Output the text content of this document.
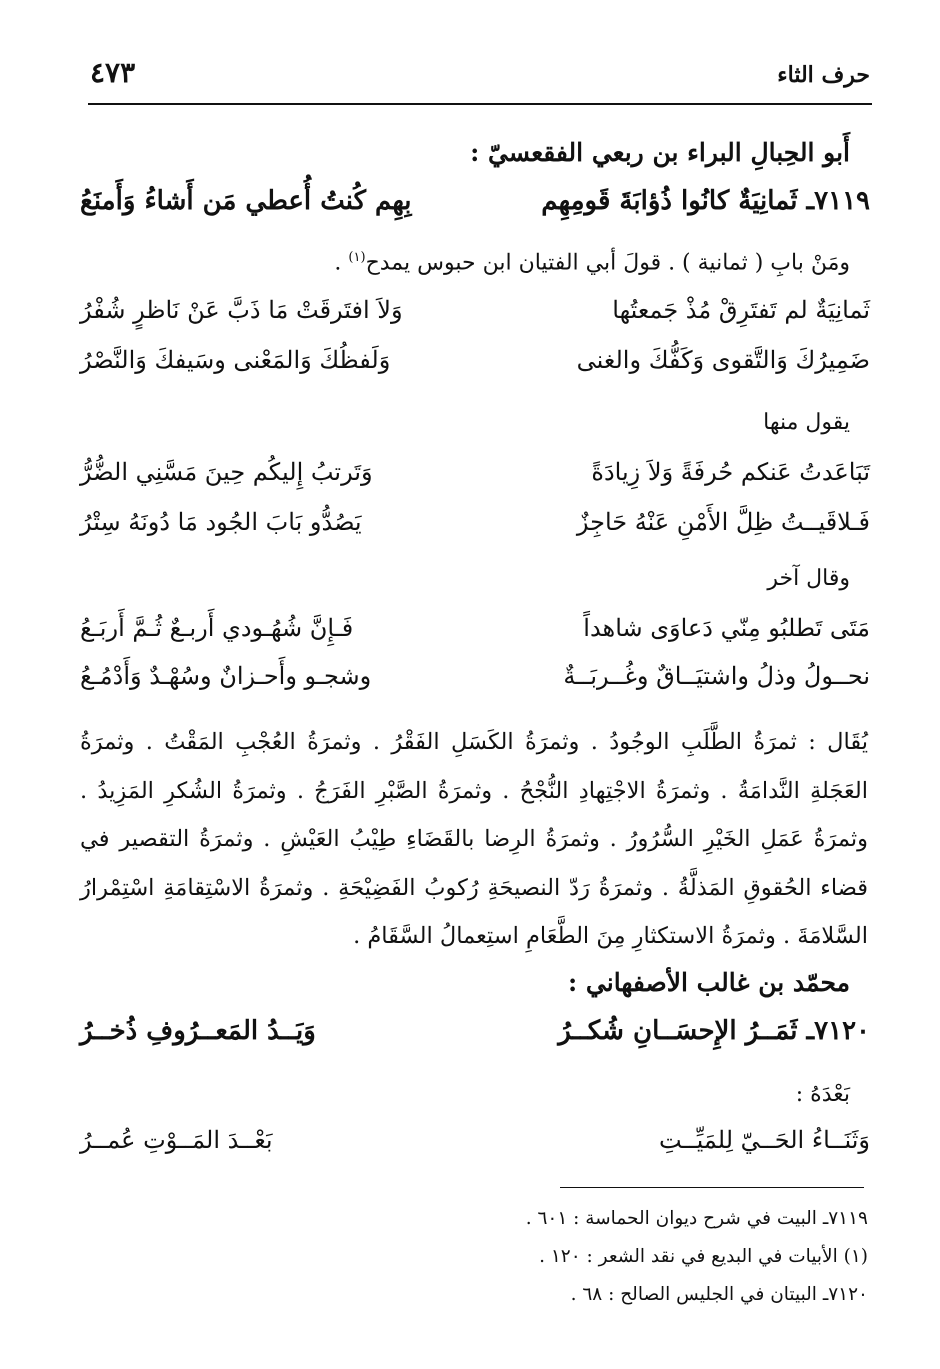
حرف الثاء
٤٧٣
أَبو الحِبالِ البراء بن ربعي الفقعسيّ :
٧١١٩ـ ثَمانِيَةٌ كانُوا ذُؤابَةَ قَومِهِم
بِهِم كُنتُ أُعطي مَن أَشاءُ وَأَمنَعُ
ومَنْ بابِ ( ثمانية ) . قولَ أبي الفتيان ابن حبوس يمدح$^{(١)}$ .
ثَمانِيَةٌ لم تَفتَرِقْ مُذْ جَمعتُها
وَلاَ افتَرقَتْ مَا ذَبَّ عَنْ نَاظرٍ شُفْرُ
ضَمِيرُكَ وَالتَّقوى وَكَفُّكَ والغنى
وَلَفظُكَ وَالمَعْنى وسَيفكَ وَالنَّصْرُ
يقول منها
تَبَاعَدتُ عَنكم حُرفَةً وَلاَ زِيادَةً
وَتَرتبُ إِليكُم حِينَ مَسَّنِي الضُّرُّ
فَـلاقَيــتُ ظِلَّ الأَمْنِ عَنْهُ حَاجِزٌ
يَصُدُّو بَابَ الجُود مَا دُونَهُ سِتْرُ
وقال آخر
مَتَى تَطلبُو مِنّي دَعاوَى شاهداً
فَـإِنَّ شُهُـودي أَربـعٌ ثُـمَّ أَربَـعُ
نحــولُ وذلُ واشتيَــاقٌ وغُــربَــةٌ
وشجـو وأَحـزانٌ وسُهْـدٌ وَأَدْمُـعُ
يُقَال : ثمرَةُ الطَّلَبِ الوجُودُ . وثمرَةُ الكَسَلِ الفَقْرُ . وثمرَةُ العُجْبِ المَقْتُ . وثمرَةُ العَجَلةِ النَّدامَةُ . وثمرَةُ الاجْتِهادِ النُّجْحُ . وثمرَةُ الصَّبْرِ الفَرَجُ . وثمرَةُ الشُكرِ المَزِيدُ . وثمرَةُ عَمَلِ الخَيْرِ السُّرُورُ . وثمرَةُ الرِضا بالقَضَاءِ طِيْبُ العَيْشِ . وثمرَةُ التقصير في قضاء الحُقوقِ المَذلَّةُ . وثمرَةُ رَدّ النصيحَةِ رُكوبُ الفَضِيْحَةِ . وثمرَةُ الاسْتِقامَةِ اسْتِمْرارُ السَّلامَةَ . وثمرَةُ الاستكثارِ مِنَ الطَّعَامِ استِعمالُ السَّقَامُ .
محمّد بن غالب الأصفهاني :
٧١٢٠ـ ثَمَــرُ الإِحسَــانِ شُكــرُ
وَيَــدُ المَعــرُوفِ ذُخــرُ
بَعْدَهُ :
وَثَنَــاءُ الحَــيّ لِلمَيِّــتِ
بَعْــدَ المَــوْتِ عُمــرُ
٧١١٩ـ البيت في شرح ديوان الحماسة : ٦٠١ .
(١) الأبيات في البديع في نقد الشعر : ١٢٠ .
٧١٢٠ـ البيتان في الجليس الصالح : ٦٨ .
